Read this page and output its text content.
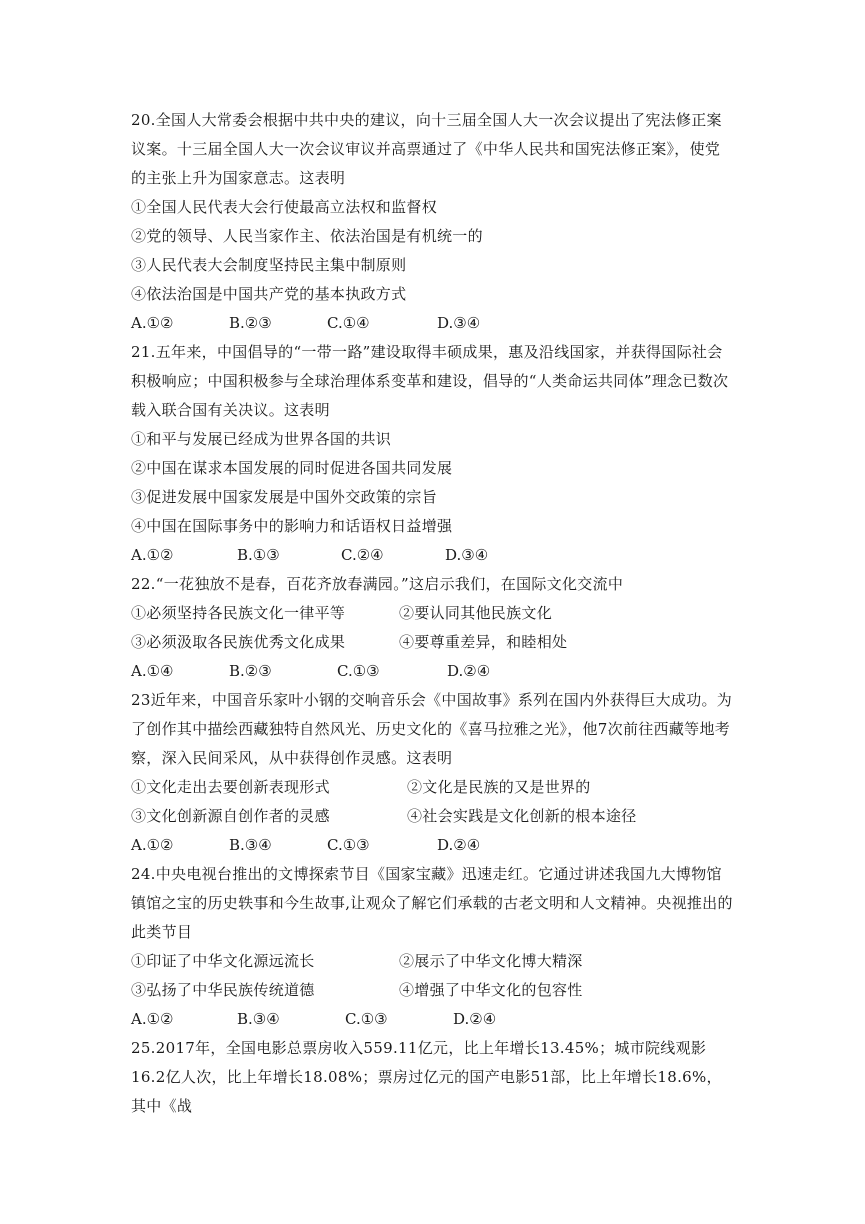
20.全国人大常委会根据中共中央的建议，向十三届全国人大一次会议提出了宪法修正案议案。十三届全国人大一次会议审议并高票通过了《中华人民共和国宪法修正案》，使党的主张上升为国家意志。这表明

①全国人民代表大会行使最高立法权和监督权

②党的领导、人民当家作主、依法治国是有机统一的

③人民代表大会制度坚持民主集中制原则

④依法治国是中国共产党的基本执政方式

A.①②	B.②③	C.①④	D.③④

21.五年来，中国倡导的“一带一路”建设取得丰硕成果，惠及沿线国家，并获得国际社会积极响应；中国积极参与全球治理体系变革和建设，倡导的“人类命运共同体”理念已数次载入联合国有关决议。这表明

①和平与发展已经成为世界各国的共识

②中国在谋求本国发展的同时促进各国共同发展

③促进发展中国家发展是中国外交政策的宗旨

④中国在国际事务中的影响力和话语权日益增强

A.①②	B.①③	C.②④	D.③④

22.“一花独放不是春，百花齐放春满园。”这启示我们，在国际文化交流中

①必须坚持各民族文化一律平等	②要认同其他民族文化
③必须汲取各民族优秀文化成果	④要尊重差异，和睦相处
A.①④	B.②③	C.①③	D.②④

23近年来，中国音乐家叶小钢的交响音乐会《中国故事》系列在国内外获得巨大成功。为了创作其中描绘西藏独特自然风光、历史文化的《喜马拉雅之光》，他7次前往西藏等地考察，深入民间采风，从中获得创作灵感。这表明

①文化走出去要创新表现形式	②文化是民族的又是世界的
③文化创新源自创作者的灵感	④社会实践是文化创新的根本途径
A.①②	B.③④	C.①③	D.②④

24.中央电视台推出的文博探索节目《国家宝藏》迅速走红。它通过讲述我国九大博物馆镇馆之宝的历史轶事和今生故事,让观众了解它们承载的古老文明和人文精神。央视推出的此类节目

①印证了中华文化源远流长	②展示了中华文化博大精深
③弘扬了中华民族传统道德	④增强了中华文化的包容性
A.①②	B.③④	C.①③	D.②④

25.2017年，全国电影总票房收入559.11亿元，比上年增长13.45%；城市院线观影16.2亿人次，比上年增长18.08%；票房过亿元的国产电影51部，比上年增长18.6%，其中《战
